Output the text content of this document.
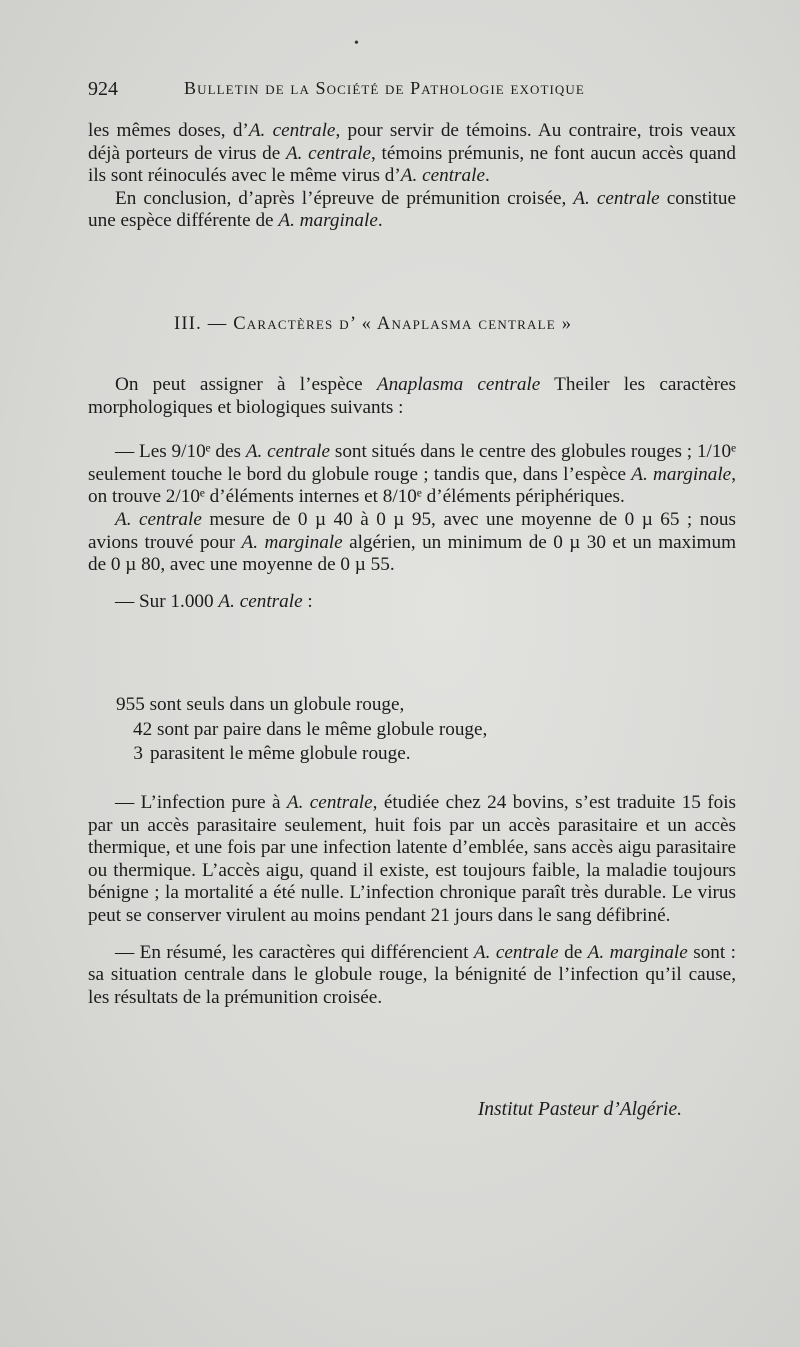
•
924	Bulletin de la Société de Pathologie exotique

les mêmes doses, d’A. centrale, pour servir de témoins. Au contraire, trois veaux déjà porteurs de virus de A. centrale, témoins prémunis, ne font aucun accès quand ils sont réinoculés avec le même virus d’A. centrale.

En conclusion, d’après l’épreuve de prémunition croisée, A. centrale constitue une espèce différente de A. marginale.

III. — Caractères d’ « Anaplasma centrale »

On peut assigner à l’espèce Anaplasma centrale Theiler les caractères morphologiques et biologiques suivants :

— Les 9/10ᵉ des A. centrale sont situés dans le centre des globules rouges ; 1/10ᵉ seulement touche le bord du globule rouge ; tandis que, dans l’espèce A. marginale, on trouve 2/10ᵉ d’éléments internes et 8/10ᵉ d’éléments périphériques.

A. centrale mesure de 0 µ 40 à 0 µ 95, avec une moyenne de 0 µ 65 ; nous avions trouvé pour A. marginale algérien, un minimum de 0 µ 30 et un maximum de 0 µ 80, avec une moyenne de 0 µ 55.

— Sur 1.000 A. centrale :

955 sont seuls dans un globule rouge,
42 sont par paire dans le même globule rouge,
3 parasitent le même globule rouge.

— L’infection pure à A. centrale, étudiée chez 24 bovins, s’est traduite 15 fois par un accès parasitaire seulement, huit fois par un accès parasitaire et un accès thermique, et une fois par une infection latente d’emblée, sans accès aigu parasitaire ou thermique. L’accès aigu, quand il existe, est toujours faible, la maladie toujours bénigne ; la mortalité a été nulle. L’infection chronique paraît très durable. Le virus peut se conserver virulent au moins pendant 21 jours dans le sang défibriné.

— En résumé, les caractères qui différencient A. centrale de A. marginale sont : sa situation centrale dans le globule rouge, la bénignité de l’infection qu’il cause, les résultats de la prémunition croisée.

Institut Pasteur d’Algérie.
